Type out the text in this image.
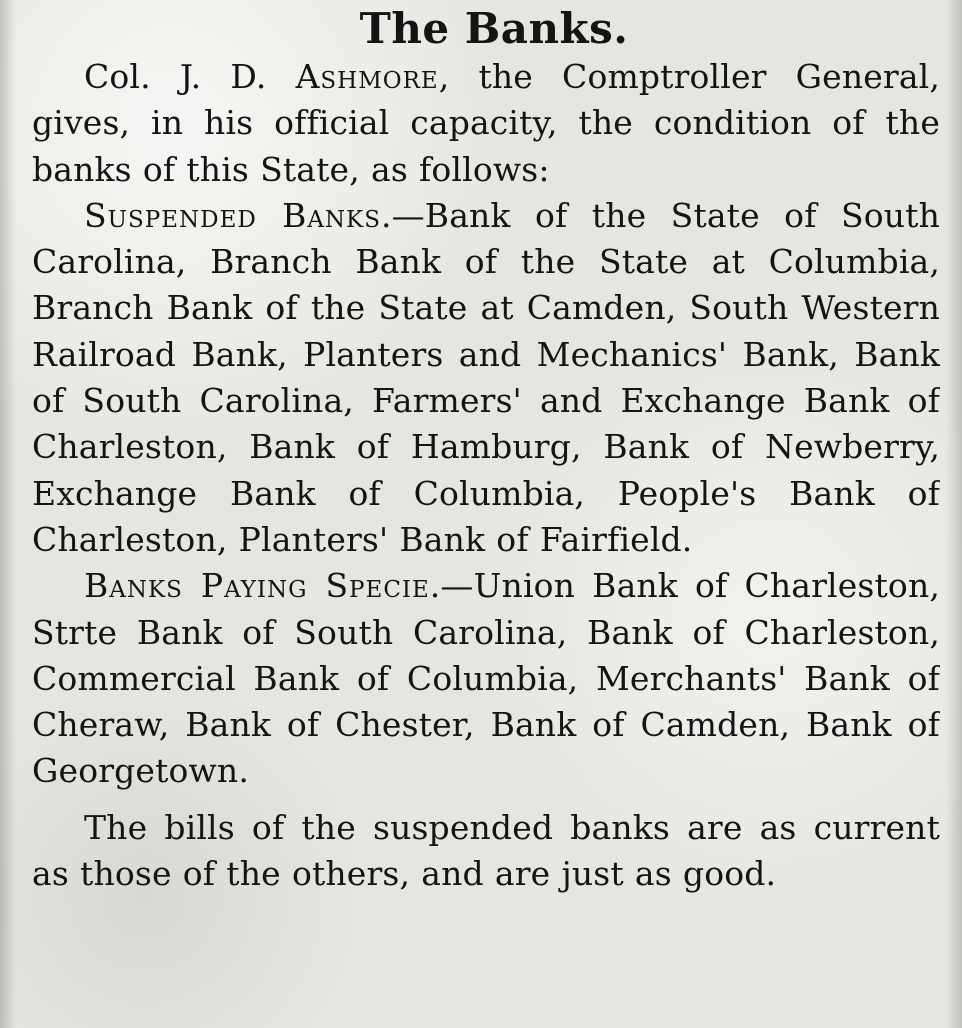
The Banks.

Col. J. D. Ashmore, the Comptroller General, gives, in his official capacity, the condition of the banks of this State, as follows:

Suspended Banks.—Bank of the State of South Carolina, Branch Bank of the State at Columbia, Branch Bank of the State at Camden, South Western Railroad Bank, Planters and Mechanics' Bank, Bank of South Carolina, Farmers' and Exchange Bank of Charleston, Bank of Hamburg, Bank of Newberry, Exchange Bank of Columbia, People's Bank of Charleston, Planters' Bank of Fairfield.

Banks Paying Specie.—Union Bank of Charleston, Strte Bank of South Carolina, Bank of Charleston, Commercial Bank of Columbia, Merchants' Bank of Cheraw, Bank of Chester, Bank of Camden, Bank of Georgetown.

The bills of the suspended banks are as current as those of the others, and are just as good.
